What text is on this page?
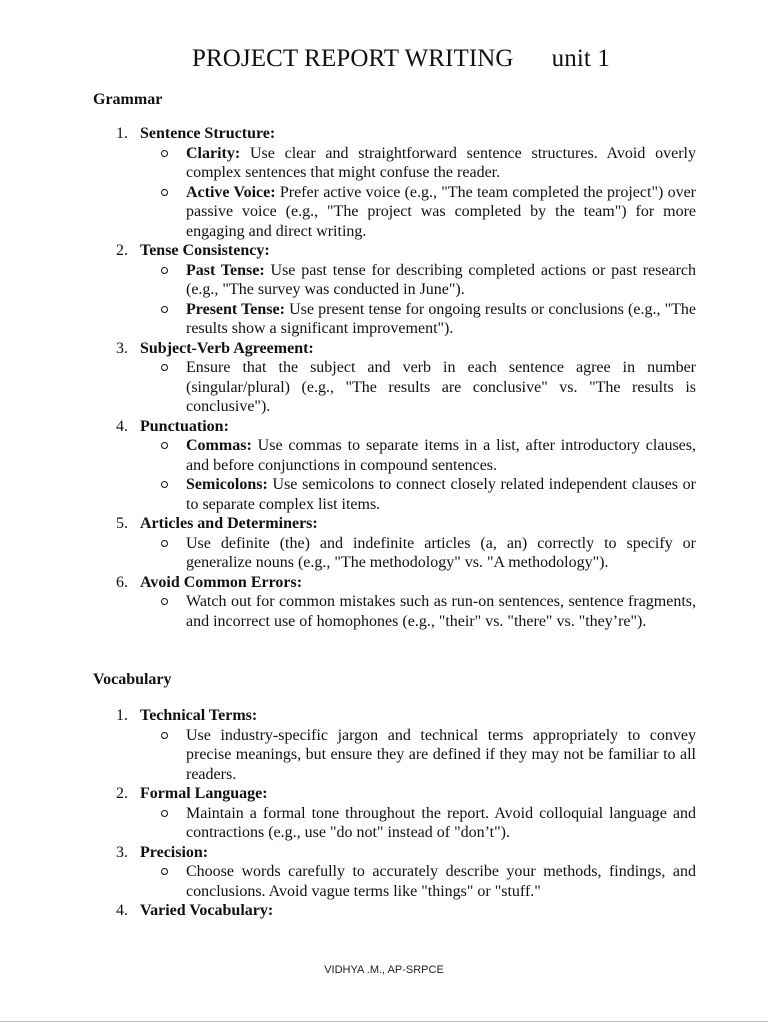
PROJECT REPORT WRITING      unit 1
Grammar
1. Sentence Structure:
Clarity: Use clear and straightforward sentence structures. Avoid overly complex sentences that might confuse the reader.
Active Voice: Prefer active voice (e.g., "The team completed the project") over passive voice (e.g., "The project was completed by the team") for more engaging and direct writing.
2. Tense Consistency:
Past Tense: Use past tense for describing completed actions or past research (e.g., "The survey was conducted in June").
Present Tense: Use present tense for ongoing results or conclusions (e.g., "The results show a significant improvement").
3. Subject-Verb Agreement:
Ensure that the subject and verb in each sentence agree in number (singular/plural) (e.g., "The results are conclusive" vs. "The results is conclusive").
4. Punctuation:
Commas: Use commas to separate items in a list, after introductory clauses, and before conjunctions in compound sentences.
Semicolons: Use semicolons to connect closely related independent clauses or to separate complex list items.
5. Articles and Determiners:
Use definite (the) and indefinite articles (a, an) correctly to specify or generalize nouns (e.g., "The methodology" vs. "A methodology").
6. Avoid Common Errors:
Watch out for common mistakes such as run-on sentences, sentence fragments, and incorrect use of homophones (e.g., "their" vs. "there" vs. "they’re").
Vocabulary
1. Technical Terms:
Use industry-specific jargon and technical terms appropriately to convey precise meanings, but ensure they are defined if they may not be familiar to all readers.
2. Formal Language:
Maintain a formal tone throughout the report. Avoid colloquial language and contractions (e.g., use "do not" instead of "don’t").
3. Precision:
Choose words carefully to accurately describe your methods, findings, and conclusions. Avoid vague terms like "things" or "stuff."
4. Varied Vocabulary:
VIDHYA .M., AP-SRPCE
